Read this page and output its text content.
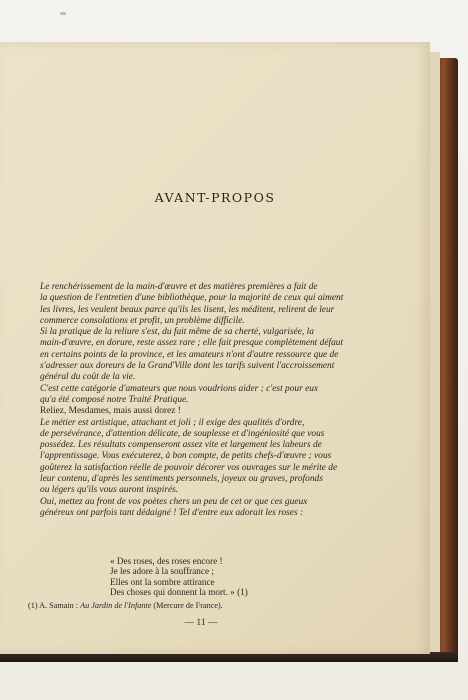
AVANT-PROPOS

Le renchérissement de la main-d'œuvre et des matières premières a fait de
la question de l'entretien d'une bibliothèque, pour la majorité de ceux qui aiment
les livres, les veulent beaux parce qu'ils les lisent, les méditent, relirent de leur
commerce consolations et profit, un problème difficile.

Si la pratique de la reliure s'est, du fait même de sa cherté, vulgarisée, la
main-d'œuvre, en dorure, reste assez rare ; elle fait presque complètement défaut
en certains points de la province, et les amateurs n'ont d'autre ressource que de
s'adresser aux doreurs de la Grand'Ville dont les tarifs suivent l'accroissement
général du coût de la vie.

C'est cette catégorie d'amateurs que nous voudrions aider ; c'est pour eux
qu'a été composé notre Traité Pratique.

Reliez, Mesdames, mais aussi dorez !

Le métier est artistique, attachant et joli ; il exige des qualités d'ordre,
de persévérance, d'attention délicate, de souplesse et d'ingéniosité que vous
possédez. Les résultats compenseront assez vite et largement les labeurs de
l'apprentissage. Vous exécuterez, à bon compte, de petits chefs-d'œuvre ; vous
goûterez la satisfaction réelle de pouvoir décorer vos ouvrages sur le mérite de
leur contenu, d'après les sentiments personnels, joyeux ou graves, profonds
ou légers qu'ils vous auront inspirés.

Oui, mettez au front de vos poètes chers un peu de cet or que ces gueux
généreux ont parfois tant dédaigné ! Tel d'entre eux adorait les roses :

« Des roses, des roses encore !
Je les adore à la souffrance ;
Elles ont la sombre attirance
Des choses qui donnent la mort. » (1)
(1) A. Samain : Au Jardin de l'Infante (Mercure de France).
— 11 —
